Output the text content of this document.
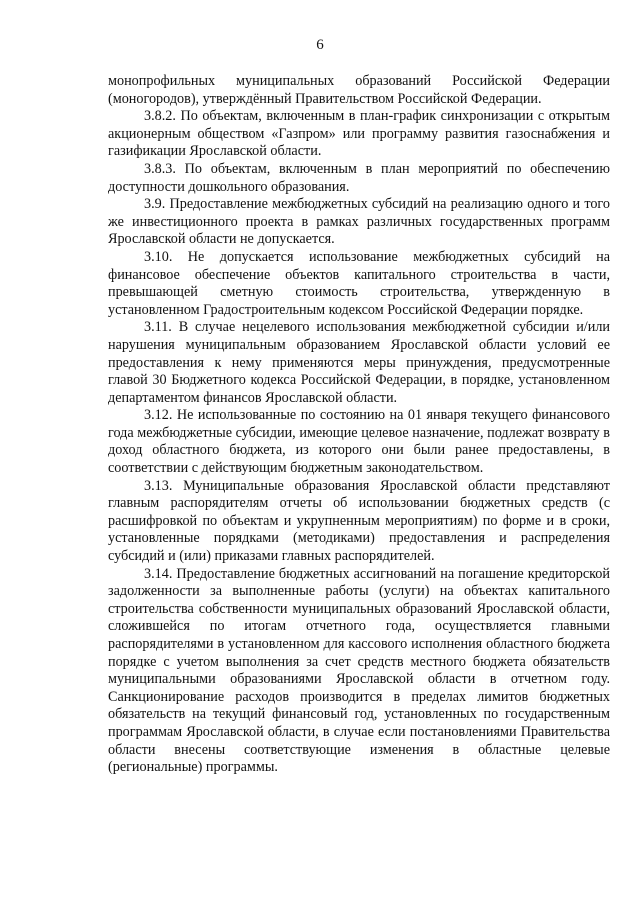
6

монопрофильных муниципальных образований Российской Федерации (моногородов), утверждённый Правительством Российской Федерации.

3.8.2. По объектам, включенным в план-график синхронизации с открытым акционерным обществом «Газпром» или программу развития газоснабжения и газификации Ярославской области.

3.8.3. По объектам, включенным в план мероприятий по обеспечению доступности дошкольного образования.

3.9. Предоставление межбюджетных субсидий на реализацию одного и того же инвестиционного проекта в рамках различных государственных программ Ярославской области не допускается.

3.10. Не допускается использование межбюджетных субсидий на финансовое обеспечение объектов капитального строительства в части, превышающей сметную стоимость строительства, утвержденную в установленном Градостроительным кодексом Российской Федерации порядке.

3.11. В случае нецелевого использования межбюджетной субсидии и/или нарушения муниципальным образованием Ярославской области условий ее предоставления к нему применяются меры принуждения, предусмотренные главой 30 Бюджетного кодекса Российской Федерации, в порядке, установленном департаментом финансов Ярославской области.

3.12. Не использованные по состоянию на 01 января текущего финансового года межбюджетные субсидии, имеющие целевое назначение, подлежат возврату в доход областного бюджета, из которого они были ранее предоставлены, в соответствии с действующим бюджетным законодательством.

3.13. Муниципальные образования Ярославской области представляют главным распорядителям отчеты об использовании бюджетных средств (с расшифровкой по объектам и укрупненным мероприятиям) по форме и в сроки, установленные порядками (методиками) предоставления и распределения субсидий и (или) приказами главных распорядителей.

3.14. Предоставление бюджетных ассигнований на погашение кредиторской задолженности за выполненные работы (услуги) на объектах капитального строительства собственности муниципальных образований Ярославской области, сложившейся по итогам отчетного года, осуществляется главными распорядителями в установленном для кассового исполнения областного бюджета порядке с учетом выполнения за счет средств местного бюджета обязательств муниципальными образованиями Ярославской области в отчетном году. Санкционирование расходов производится в пределах лимитов бюджетных обязательств на текущий финансовый год, установленных по государственным программам Ярославской области, в случае если постановлениями Правительства области внесены соответствующие изменения в областные целевые (региональные) программы.
